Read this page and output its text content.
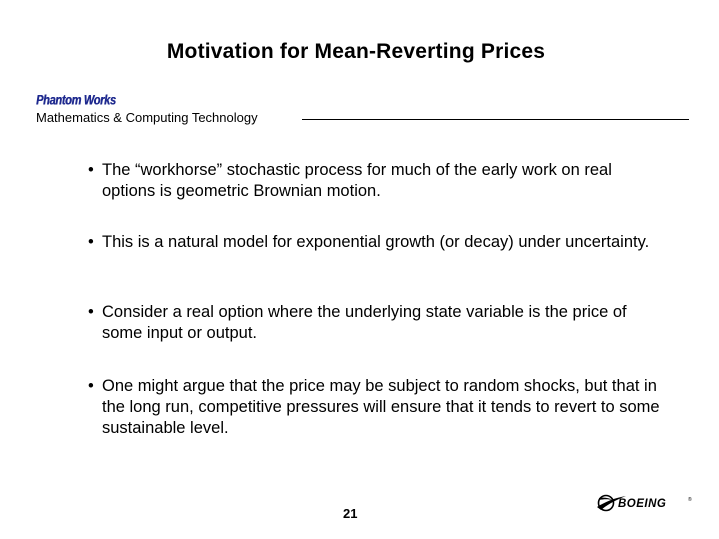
Motivation for Mean-Reverting Prices
Phantom Works
Mathematics & Computing Technology
• The “workhorse” stochastic process for much of the early work on real options is geometric Brownian motion.
• This is a natural model for exponential growth (or decay) under uncertainty.
• Consider a real option where the underlying state variable is the price of some input or output.
• One might argue that the price may be subject to random shocks, but that in the long run, competitive pressures will ensure that it tends to revert to some sustainable level.
21
BOEING	®
